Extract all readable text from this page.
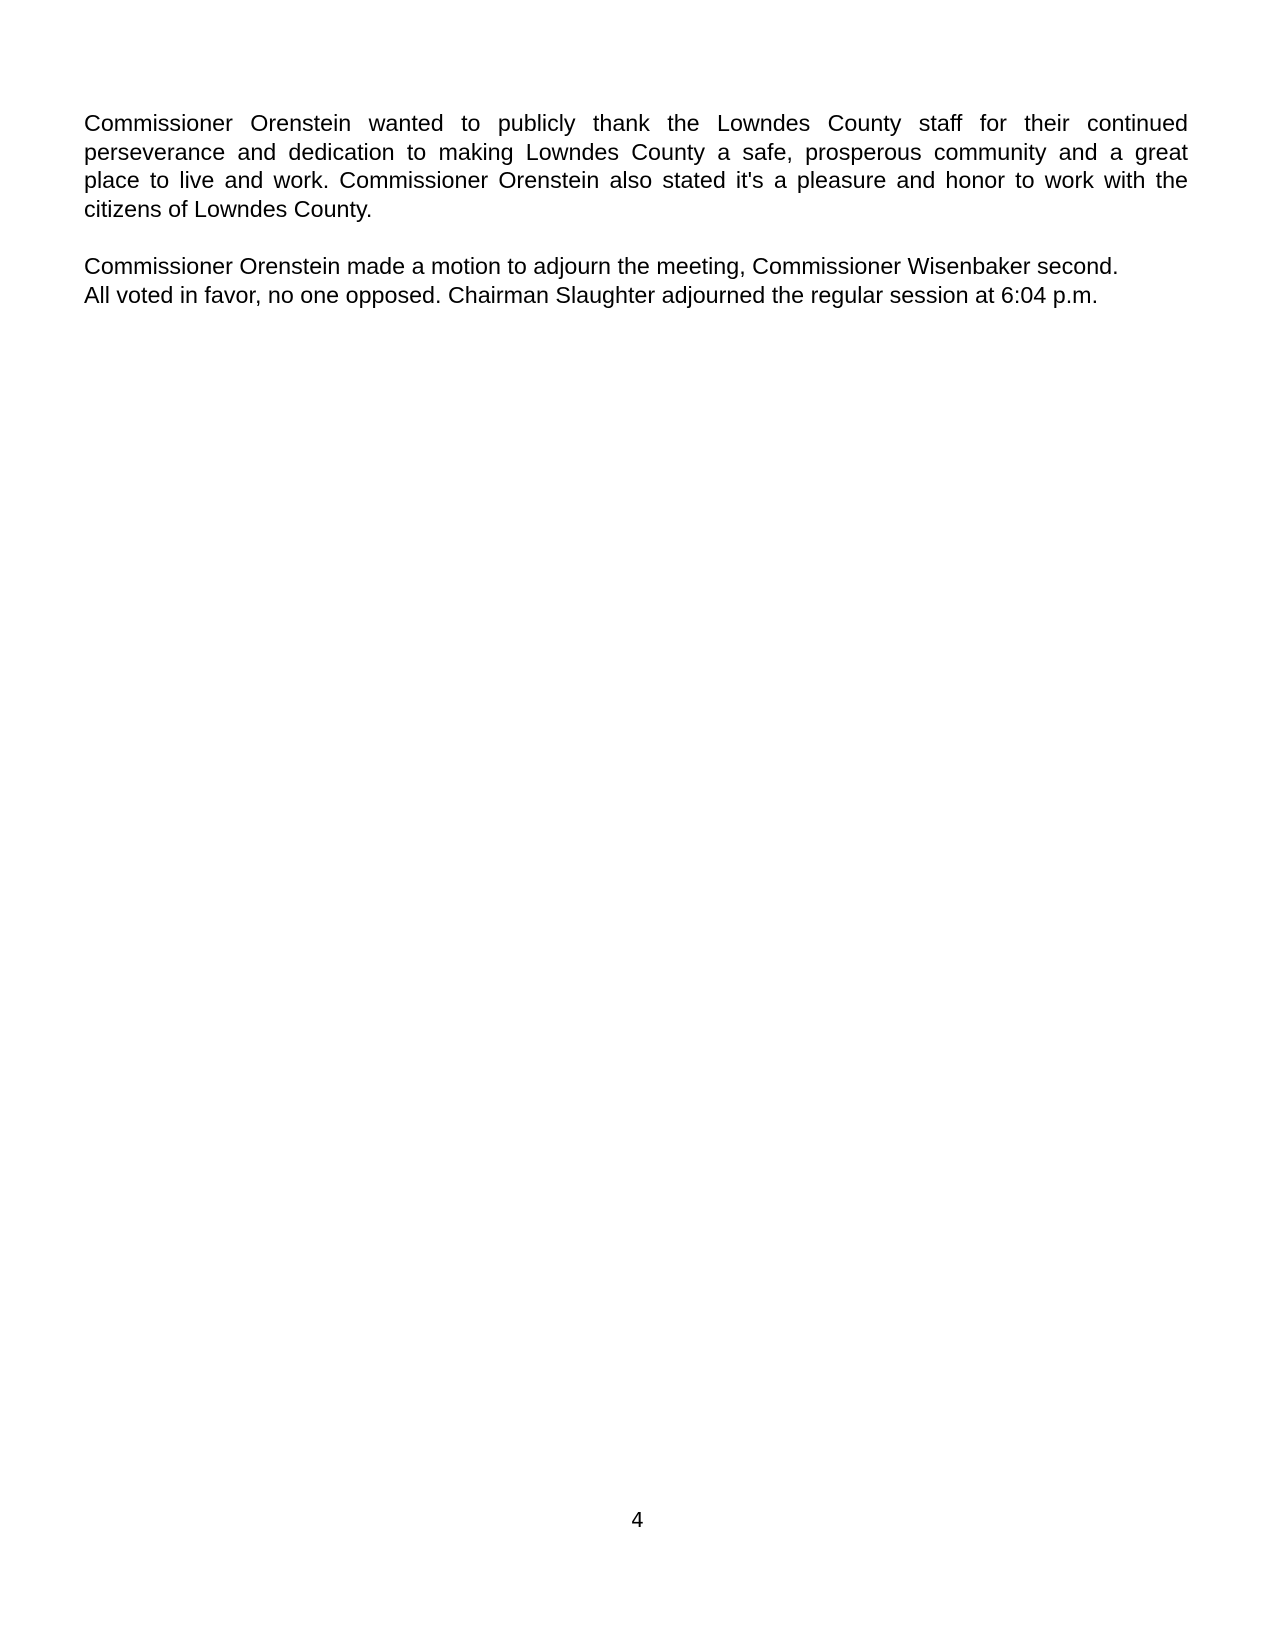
Commissioner Orenstein wanted to publicly thank the Lowndes County staff for their continued
perseverance and dedication to making Lowndes County a safe, prosperous community and a great
place to live and work. Commissioner Orenstein also stated it's a pleasure and honor to work with the
citizens of Lowndes County.

Commissioner Orenstein made a motion to adjourn the meeting, Commissioner Wisenbaker second.
All voted in favor, no one opposed. Chairman Slaughter adjourned the regular session at 6:04 p.m.

4
